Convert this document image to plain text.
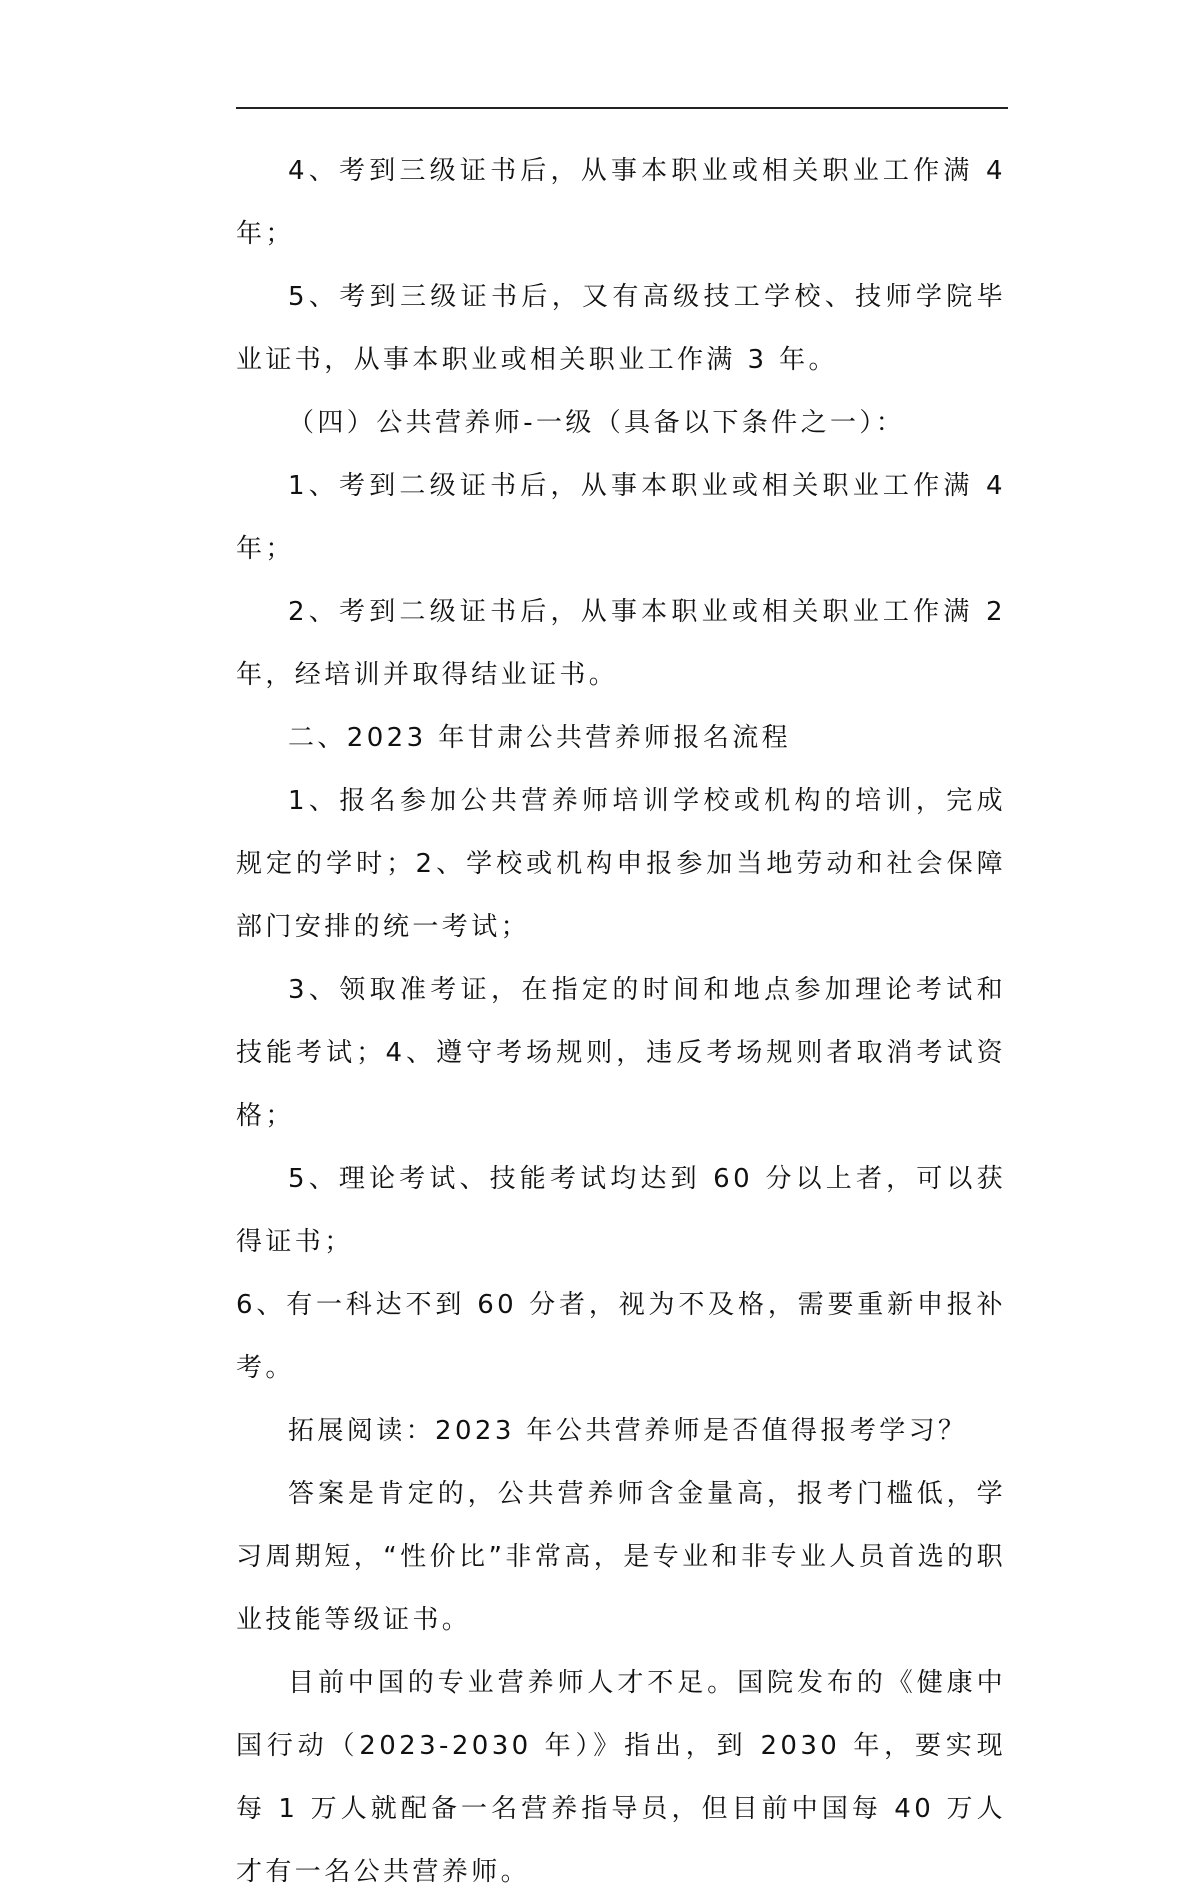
4、考到三级证书后，从事本职业或相关职业工作满 4 年；

5、考到三级证书后，又有高级技工学校、技师学院毕业证书，从事本职业或相关职业工作满 3 年。

（四）公共营养师-一级（具备以下条件之一）：

1、考到二级证书后，从事本职业或相关职业工作满 4 年；

2、考到二级证书后，从事本职业或相关职业工作满 2 年，经培训并取得结业证书。

二、2023 年甘肃公共营养师报名流程

1、报名参加公共营养师培训学校或机构的培训，完成规定的学时；2、学校或机构申报参加当地劳动和社会保障部门安排的统一考试；

3、领取准考证，在指定的时间和地点参加理论考试和技能考试；4、遵守考场规则，违反考场规则者取消考试资格；

5、理论考试、技能考试均达到 60 分以上者，可以获得证书；

6、有一科达不到 60 分者，视为不及格，需要重新申报补考。

拓展阅读：2023 年公共营养师是否值得报考学习？

答案是肯定的，公共营养师含金量高，报考门槛低，学习周期短，“性价比”非常高，是专业和非专业人员首选的职业技能等级证书。

目前中国的专业营养师人才不足。国院发布的《健康中国行动（2023-2030 年）》指出，到 2030 年，要实现每 1 万人就配备一名营养指导员，但目前中国每 40 万人才有一名公共营养师。
